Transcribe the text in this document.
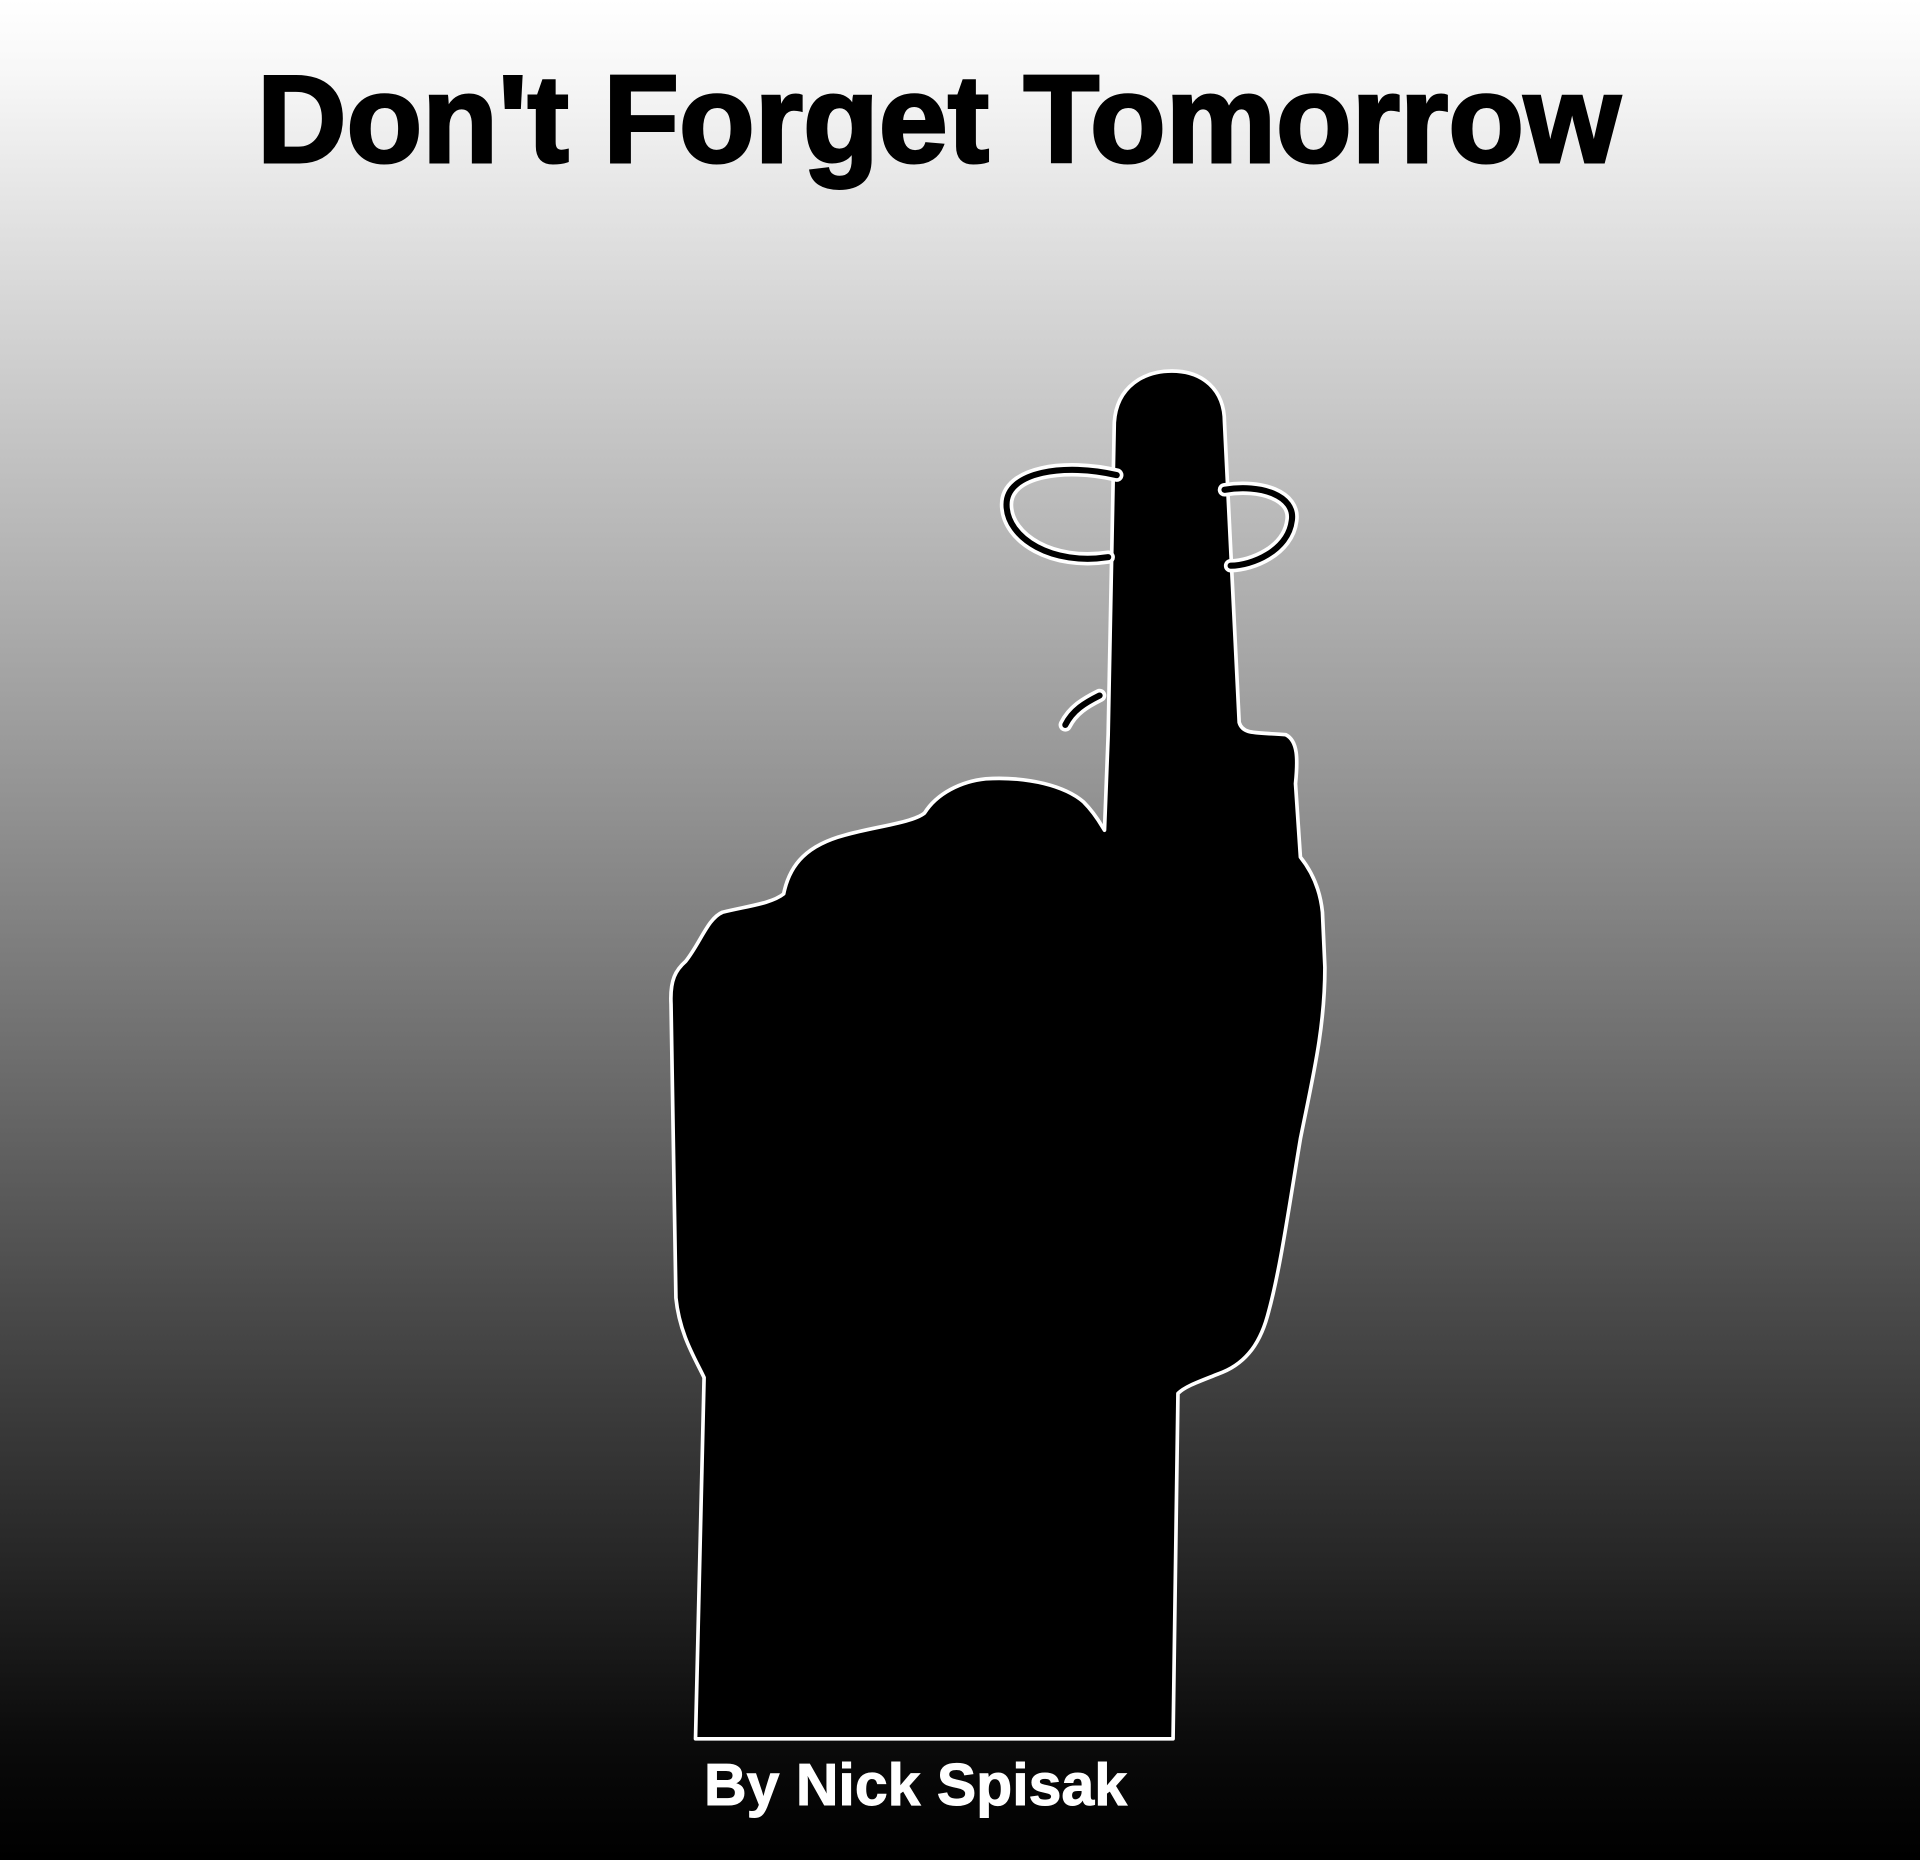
Don't Forget Tomorrow
By Nick Spisak
